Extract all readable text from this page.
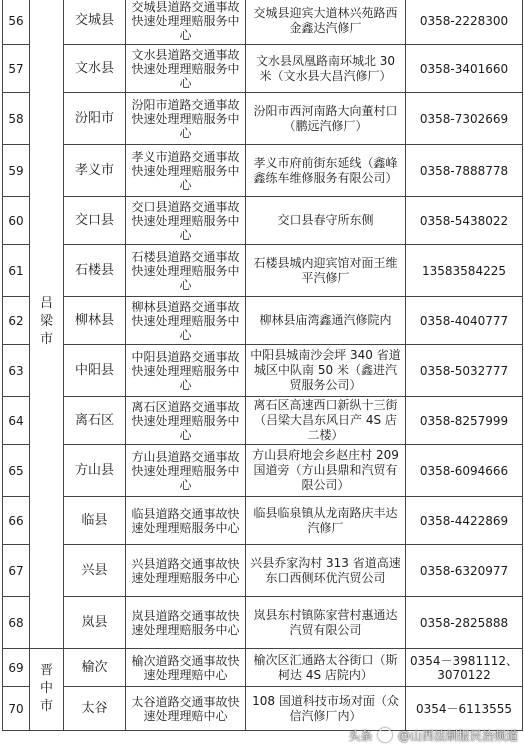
56	吕梁市	交城县	交城县道路交通事故快速处理理赔服务中心	交城县迎宾大道林兴苑路西金鑫达汽修厂	0358-2228300
57		文水县	文水县道路交通事故快速处理理赔服务中心	文水县凤凰路南环城北 30 米（文水县大昌汽修厂）	0358-3401660
58		汾阳市	汾阳市道路交通事故快速处理理赔服务中心	汾阳市西河南路大向董村口（鹏远汽修厂）	0358-7302669
59		孝义市	孝义市道路交通事故快速处理理赔服务中心	孝义市府前街东延线（鑫峰鑫练车维修服务有限公司）	0358-7888778
60		交口县	交口县道路交通事故快速处理理赔服务中心	交口县春守所东侧	0358-5438022
61		石楼县	石楼县道路交通事故快速处理理赔服务中心	石楼县城内迎宾馆对面王维平汽修厂	13583584225
62		柳林县	柳林县道路交通事故快速处理理赔服务中心	柳林县庙湾鑫通汽修院内	0358-4040777
63		中阳县	中阳县道路交通事故快速处理理赔服务中心	中阳县城南沙会坪 340 省道城区中队南 50 米（鑫进汽贸服务公司）	0358-5032777
64		离石区	离石区道路交通事故快速处理理赔服务中心	离石区高速西口新纵十三街（吕梁大昌东风日产 4S 店二楼）	0358-8257999
65		方山县	方山县道路交通事故快速处理理赔服务中心	方山县府地会乡赵庄村 209 国道旁（方山县鼎和汽贸有限公司）	0358-6094666
66		临县	临县道路交通事故快速处理理赔服务中心	临县临泉镇从龙南路庆丰达汽修厂	0358-4422869
67		兴县	兴县道路交通事故快速处理理赔服务中心	兴县乔家沟村 313 省道高速东口西侧环优汽贸公司	0358-6320977
68		岚县	岚县道路交通事故快速处理理赔服务中心	岚县东村镇陈家营村惠通达汽贸有限公司	0358-2825888
69	晋中市	榆次	榆次道路交通事故快速处理理赔中心	榆次区汇通路太谷街口（斯柯达 4S 店院内）	0354－3981112、3070122
70		太谷	太谷道路交通事故快速处理理赔中心	108 国道科技市场对面（众信汽修厂内）	0354－6113555
头条 @山西法制报民治频道
